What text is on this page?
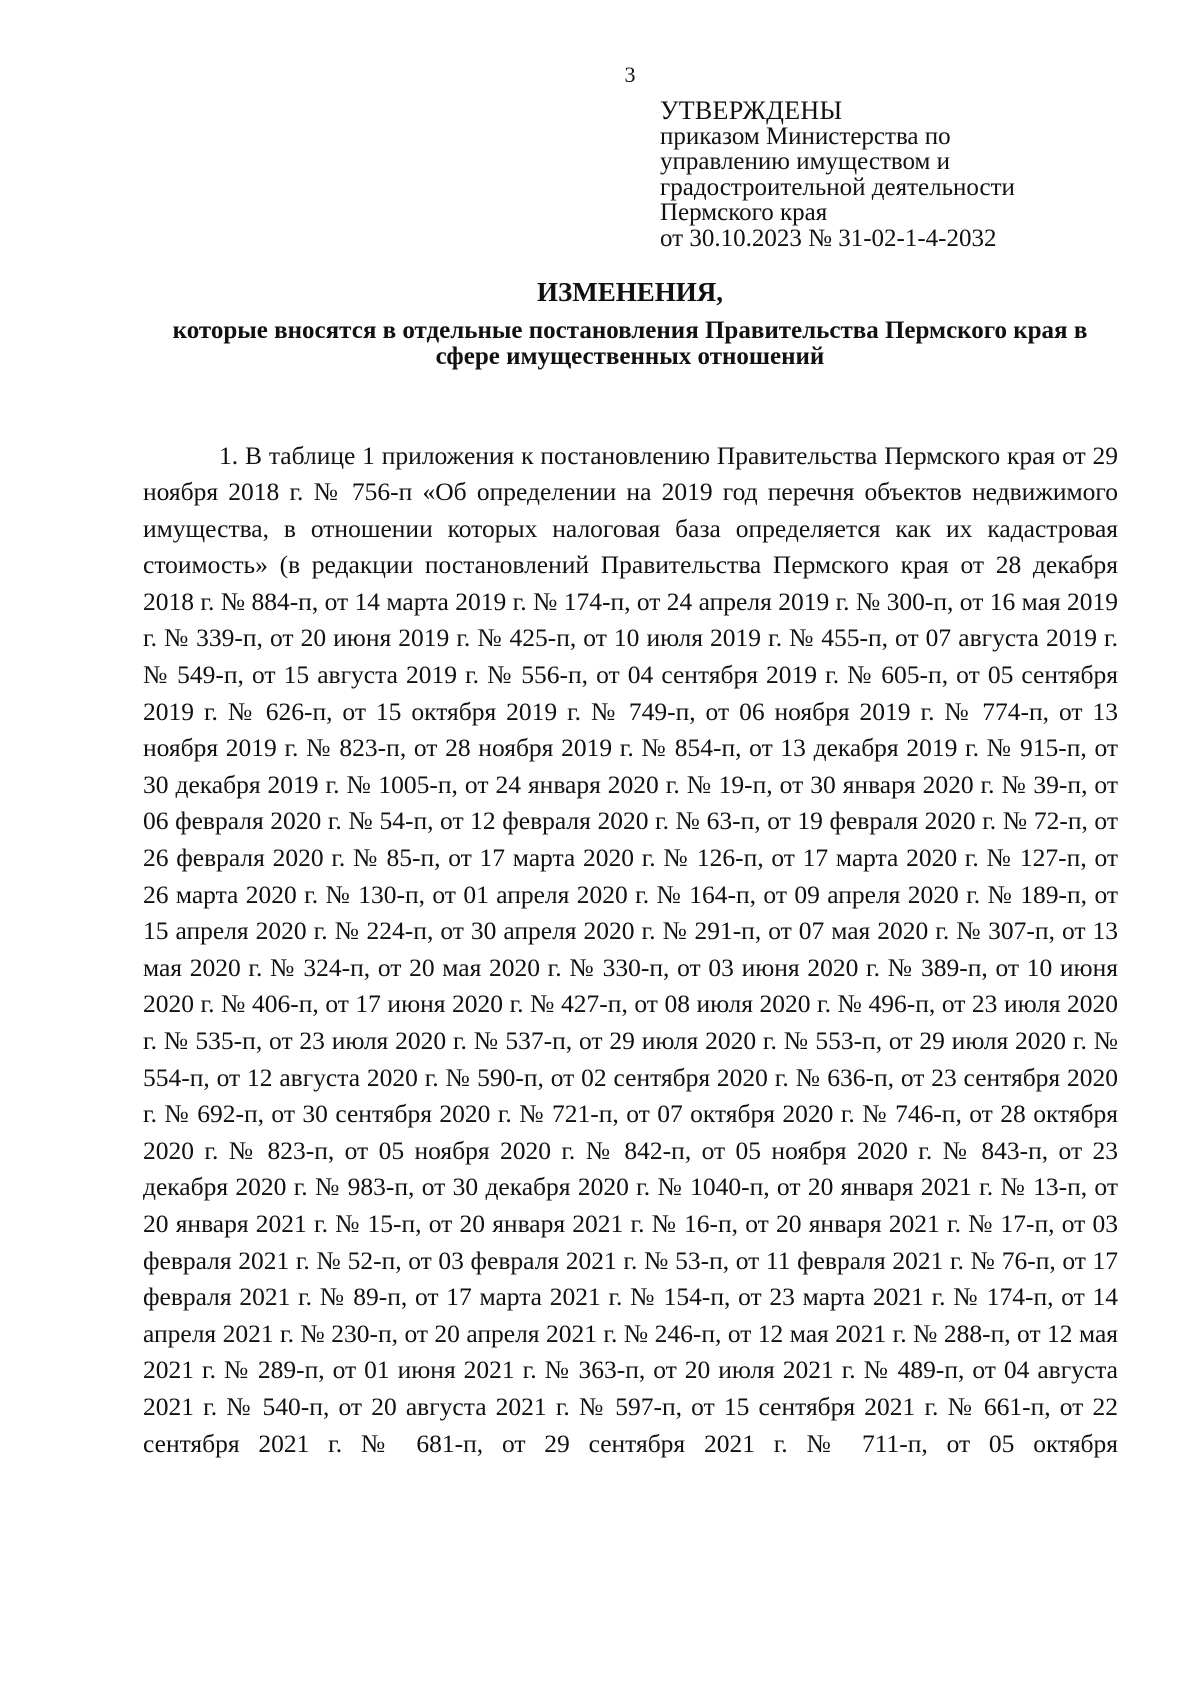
3
УТВЕРЖДЕНЫ
приказом Министерства по
управлению имуществом и
градостроительной деятельности
Пермского края
от 30.10.2023 № 31-02-1-4-2032
ИЗМЕНЕНИЯ,
которые вносятся в отдельные постановления Правительства Пермского края в сфере имущественных отношений

1. В таблице 1 приложения к постановлению Правительства Пермского края от 29 ноября 2018 г. № 756-п «Об определении на 2019 год перечня объектов недвижимого имущества, в отношении которых налоговая база определяется как их кадастровая стоимость» (в редакции постановлений Правительства Пермского края от 28 декабря 2018 г. № 884-п, от 14 марта 2019 г. № 174-п, от 24 апреля 2019 г. № 300-п, от 16 мая 2019 г. № 339-п, от 20 июня 2019 г. № 425-п, от 10 июля 2019 г. № 455-п, от 07 августа 2019 г. № 549-п, от 15 августа 2019 г. № 556-п, от 04 сентября 2019 г. № 605-п, от 05 сентября 2019 г. № 626-п, от 15 октября 2019 г. № 749-п, от 06 ноября 2019 г. № 774-п, от 13 ноября 2019 г. № 823-п, от 28 ноября 2019 г. № 854-п, от 13 декабря 2019 г. № 915-п, от 30 декабря 2019 г. № 1005-п, от 24 января 2020 г. № 19-п, от 30 января 2020 г. № 39-п, от 06 февраля 2020 г. № 54-п, от 12 февраля 2020 г. № 63-п, от 19 февраля 2020 г. № 72-п, от 26 февраля 2020 г. № 85-п, от 17 марта 2020 г. № 126-п, от 17 марта 2020 г. № 127-п, от 26 марта 2020 г. № 130-п, от 01 апреля 2020 г. № 164-п, от 09 апреля 2020 г. № 189-п, от 15 апреля 2020 г. № 224-п, от 30 апреля 2020 г. № 291-п, от 07 мая 2020 г. № 307-п, от 13 мая 2020 г. № 324-п, от 20 мая 2020 г. № 330-п, от 03 июня 2020 г. № 389-п, от 10 июня 2020 г. № 406-п, от 17 июня 2020 г. № 427-п, от 08 июля 2020 г. № 496-п, от 23 июля 2020 г. № 535-п, от 23 июля 2020 г. № 537-п, от 29 июля 2020 г. № 553-п, от 29 июля 2020 г. № 554-п, от 12 августа 2020 г. № 590-п, от 02 сентября 2020 г. № 636-п, от 23 сентября 2020 г. № 692-п, от 30 сентября 2020 г. № 721-п, от 07 октября 2020 г. № 746-п, от 28 октября 2020 г. № 823-п, от 05 ноября 2020 г. № 842-п, от 05 ноября 2020 г. № 843-п, от 23 декабря 2020 г. № 983-п, от 30 декабря 2020 г. № 1040-п, от 20 января 2021 г. № 13-п, от 20 января 2021 г. № 15-п, от 20 января 2021 г. № 16-п, от 20 января 2021 г. № 17-п, от 03 февраля 2021 г. № 52-п, от 03 февраля 2021 г. № 53-п, от 11 февраля 2021 г. № 76-п, от 17 февраля 2021 г. № 89-п, от 17 марта 2021 г. № 154-п, от 23 марта 2021 г. № 174-п, от 14 апреля 2021 г. № 230-п, от 20 апреля 2021 г. № 246-п, от 12 мая 2021 г. № 288-п, от 12 мая 2021 г. № 289-п, от 01 июня 2021 г. № 363-п, от 20 июля 2021 г. № 489-п, от 04 августа 2021 г. № 540-п, от 20 августа 2021 г. № 597-п, от 15 сентября 2021 г. № 661-п, от 22 сентября 2021 г. № 681-п, от 29 сентября 2021 г. № 711-п, от 05 октября
